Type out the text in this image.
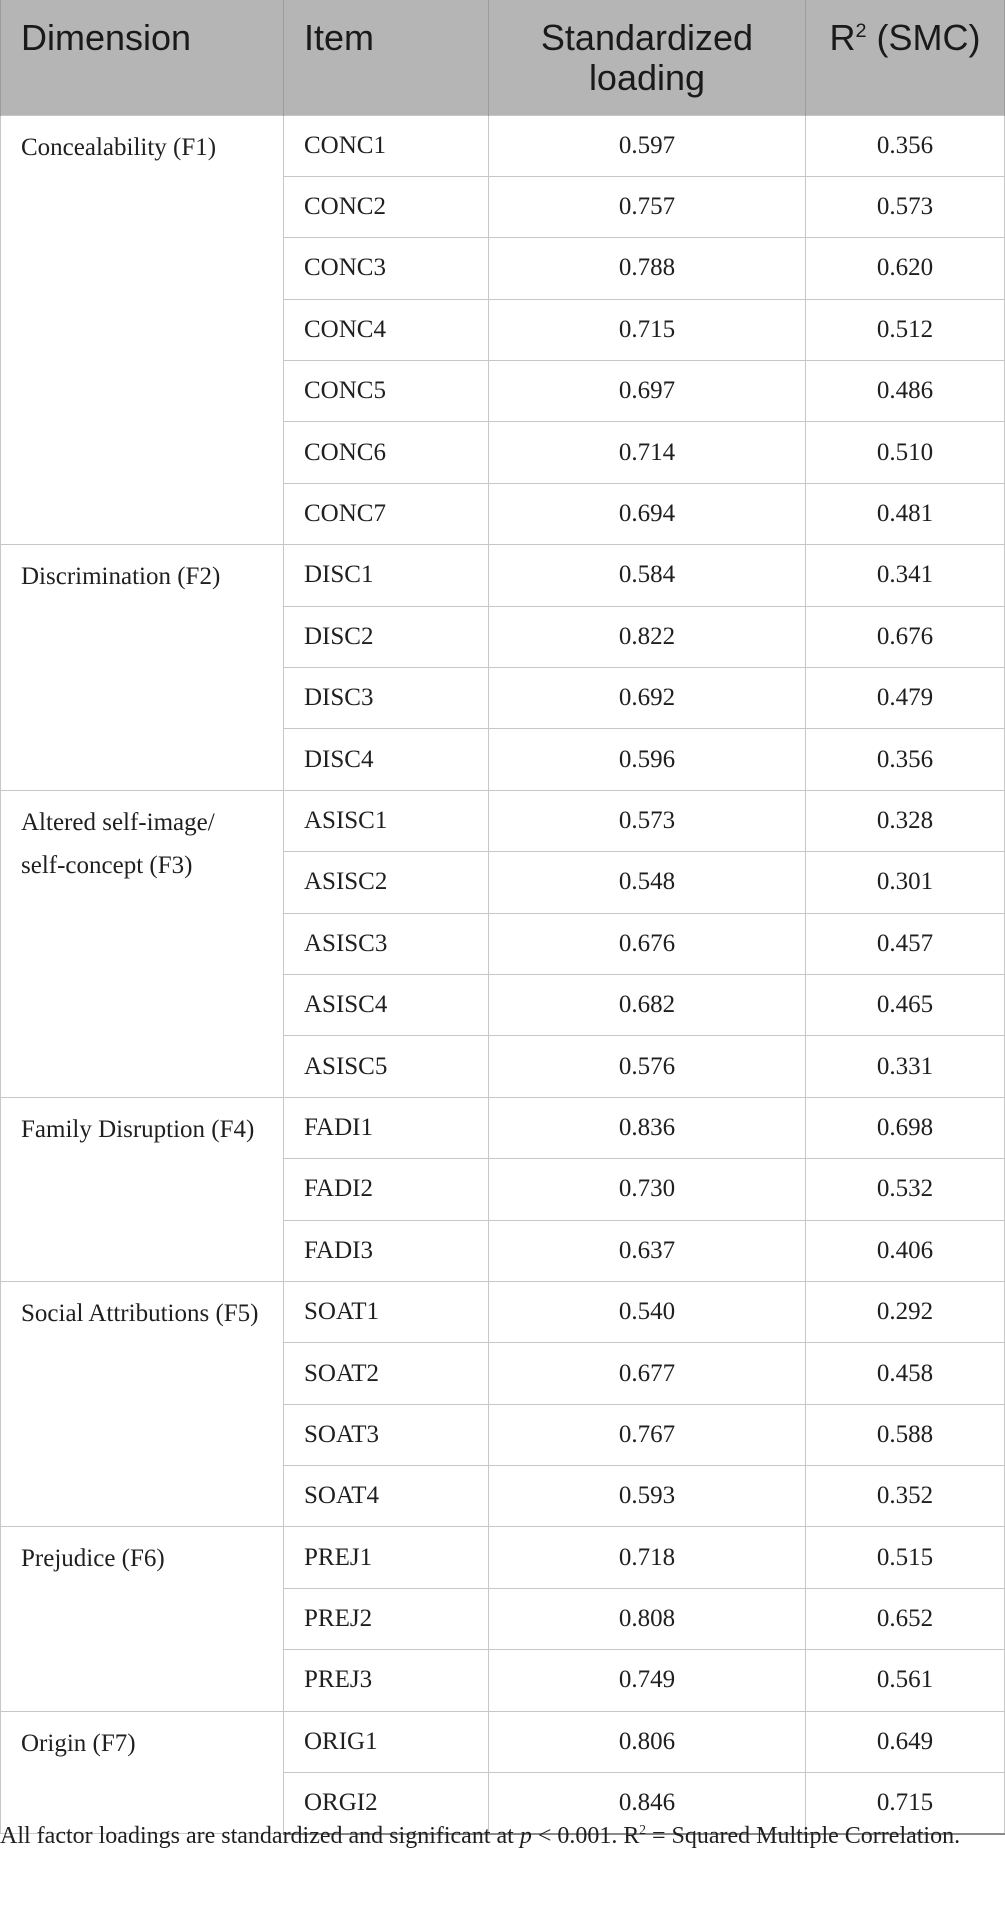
Dimension	Item	Standardized loading	$R^2$ (SMC)
Concealability (F1)	CONC1	0.597	0.356
	CONC2	0.757	0.573
	CONC3	0.788	0.620
	CONC4	0.715	0.512
	CONC5	0.697	0.486
	CONC6	0.714	0.510
	CONC7	0.694	0.481
Discrimination (F2)	DISC1	0.584	0.341
	DISC2	0.822	0.676
	DISC3	0.692	0.479
	DISC4	0.596	0.356
Altered self-image/ self-concept (F3)	ASISC1	0.573	0.328
	ASISC2	0.548	0.301
	ASISC3	0.676	0.457
	ASISC4	0.682	0.465
	ASISC5	0.576	0.331
Family Disruption (F4)	FADI1	0.836	0.698
	FADI2	0.730	0.532
	FADI3	0.637	0.406
Social Attributions (F5)	SOAT1	0.540	0.292
	SOAT2	0.677	0.458
	SOAT3	0.767	0.588
	SOAT4	0.593	0.352
Prejudice (F6)	PREJ1	0.718	0.515
	PREJ2	0.808	0.652
	PREJ3	0.749	0.561
Origin (F7)	ORIG1	0.806	0.649
	ORGI2	0.846	0.715
All factor loadings are standardized and significant at p < 0.001. $R^2$ = Squared Multiple Correlation.
